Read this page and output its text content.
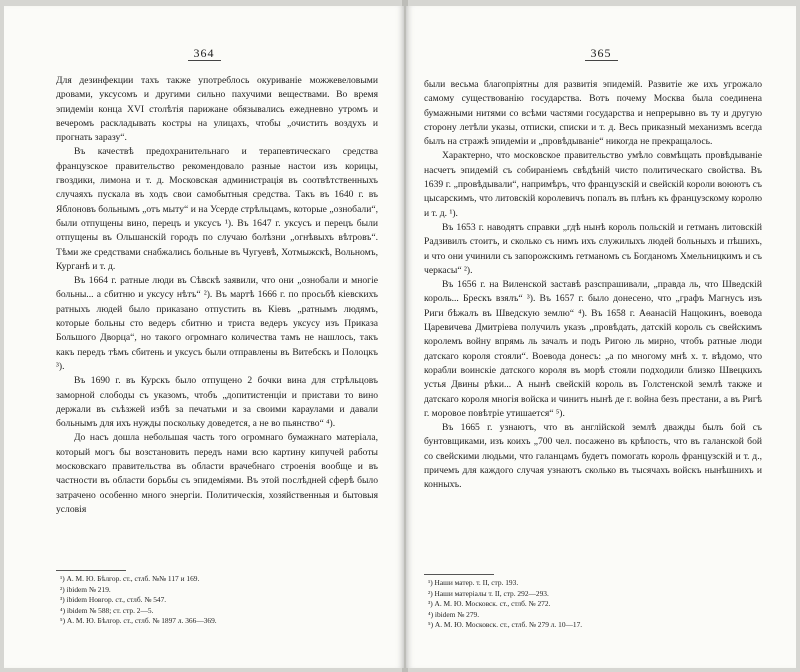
364

Для дезинфекции тахъ также употреблось окуриваніе можжевеловыми дровами, уксусомъ и другими сильно пахучими веществами. Во время эпидеміи конца XVI столѣтія парижане обязывались ежедневно утромъ и вечеромъ раскладывать костры на улицахъ, чтобы „очистить воздухъ и прогнать заразу“.

Въ качествѣ предохранительнаго и терапевтическаго средства французское правительство рекомендовало разные настои изъ корицы, гвоздики, лимона и т. д. Московская администрація въ соотвѣтственныхъ случаяхъ пускала въ ходъ свои самобытныя средства. Такъ въ 1640 г. въ Яблоновъ больнымъ „отъ мыту“ и на Усерде стрѣльцамъ, которые „ознобали“, были отпущены вино, перецъ и уксусъ ¹). Въ 1647 г. уксусъ и перецъ были отпущены въ Ольшанскій городъ по случаю болѣзни „огнѣвыхъ вѣтровъ“. Тѣми же средствами снабжались больные въ Чугуевѣ, Хотмыжскѣ, Вольномъ, Курганѣ и т. д.

Въ 1664 г. ратные люди въ Сѣвскѣ заявили, что они „ознобали и многіе больны... а сбитню и уксусу нѣтъ“ ²). Въ мартѣ 1666 г. по просьбѣ кіевскихъ ратныхъ людей было приказано отпустить въ Кіевъ „ратнымъ людямъ, которые больны сто ведеръ сбитню и триста ведеръ уксусу изъ Приказа Большого Дворца“, но такого огромнаго количества тамъ не нашлось, такъ какъ передъ тѣмъ сбитень и уксусъ были отправлены въ Витебскъ и Полоцкъ ³).

Въ 1690 г. въ Курскъ было отпущено 2 бочки вина для стрѣльцовъ заморной слободы съ указомъ, чтобъ „допитистенціи и пристави то вино держали въ съѣзжей избѣ за печатьми и за своими караулами и давали больнымъ для ихъ нужды поскольку доведется, а не во пьянство“ ⁴).

До насъ дошла небольшая часть того огромнаго бумажнаго матеріала, который могъ бы возстановить передъ нами всю картину кипучей работы московскаго правительства въ области врачебнаго строенія вообще и въ частности въ области борьбы съ эпидеміями. Въ этой послѣдней сферѣ было затрачено особенно много энергіи. Политическія, хозяйственныя и бытовыя условія

¹) А. М. Ю. Бѣлгор. ст., стлб. №№ 117 и 169.
²) ibidem № 219.
³) ibidem Новгор. ст., стлб. № 547.
⁴) ibidem № 588; ст. стр. 2—5.
⁵) А. М. Ю. Бѣлгор. ст., стлб. № 1897 л. 366—369.
365

были весьма благопріятны для развитія эпидемій. Развитіе же ихъ угрожало самому существованію государства. Вотъ почему Москва была соединена бумажными нитями со всѣми частями государства и непрерывно въ ту и другую сторону летѣли указы, отписки, списки и т. д. Весь приказный механизмъ всегда былъ на стражѣ эпидеміи и „провѣдываніе“ никогда не прекращалось.

Характерно, что московское правительство умѣло совмѣщать провѣдываніе насчетъ эпидемій съ собираніемъ свѣдѣній чисто политическаго свойства. Въ 1639 г. „провѣдывали“, напримѣръ, что французскій и свейскій короли воюютъ съ цысарскимъ, что литовскій королевичъ попалъ въ плѣнъ къ французскому королю и т. д. ¹).

Въ 1653 г. наводятъ справки „гдѣ нынѣ король польскій и гетманъ литовскій Радзивилъ стоитъ, и сколько съ нимъ ихъ служилыхъ людей больныхъ и пѣшихъ, и что они учинили съ запорожскимъ гетманомъ съ Богданомъ Хмельницкимъ и съ черкасы“ ²).

Въ 1656 г. на Виленской заставѣ разспрашивали, „правда ль, что Шведскій король... Брескъ взялъ“ ³). Въ 1657 г. было донесено, что „графъ Магнусъ изъ Риги бѣжалъ въ Шведскую землю“ ⁴). Въ 1658 г. Аѳанасій Нащокинъ, воевода Царевичева Дмитріева получилъ указъ „провѣдать, датскій король съ свейскимъ королемъ войну впрямь ль зачалъ и подъ Ригою ль мирно, чтобъ ратные люди датскаго короля стояли“. Воевода донесъ: „а по многому мнѣ х. т. вѣдомо, что корабли воинскіе датского короля въ морѣ стояли подходили близко Швецкихъ устья Двины рѣки... А нынѣ свейскій король въ Голстенской землѣ также и датскаго короля многія войска и чинитъ нынѣ де г. война безъ престани, а въ Ригѣ г. моровое повѣтріе утишается“ ⁵).

Въ 1665 г. узнаютъ, что въ англійской землѣ дважды былъ бой съ бунтовщиками, изъ коихъ „700 чел. посажено въ крѣпость, что въ галанской бой со свейскими людьми, что галанцамъ будетъ помогать король французскій и т. д., причемъ для каждого случая узнаютъ сколько въ тысячахъ войскъ нынѣшнихъ и конныхъ.

¹) Наши матер. т. II, стр. 193.
²) Наши матеріалы т. II, стр. 292—293.
³) А. М. Ю. Московск. ст., стлб. № 272.
⁴) ibidem № 279.
⁵) А. М. Ю. Московск. ст., стлб. № 279 л. 10—17.
